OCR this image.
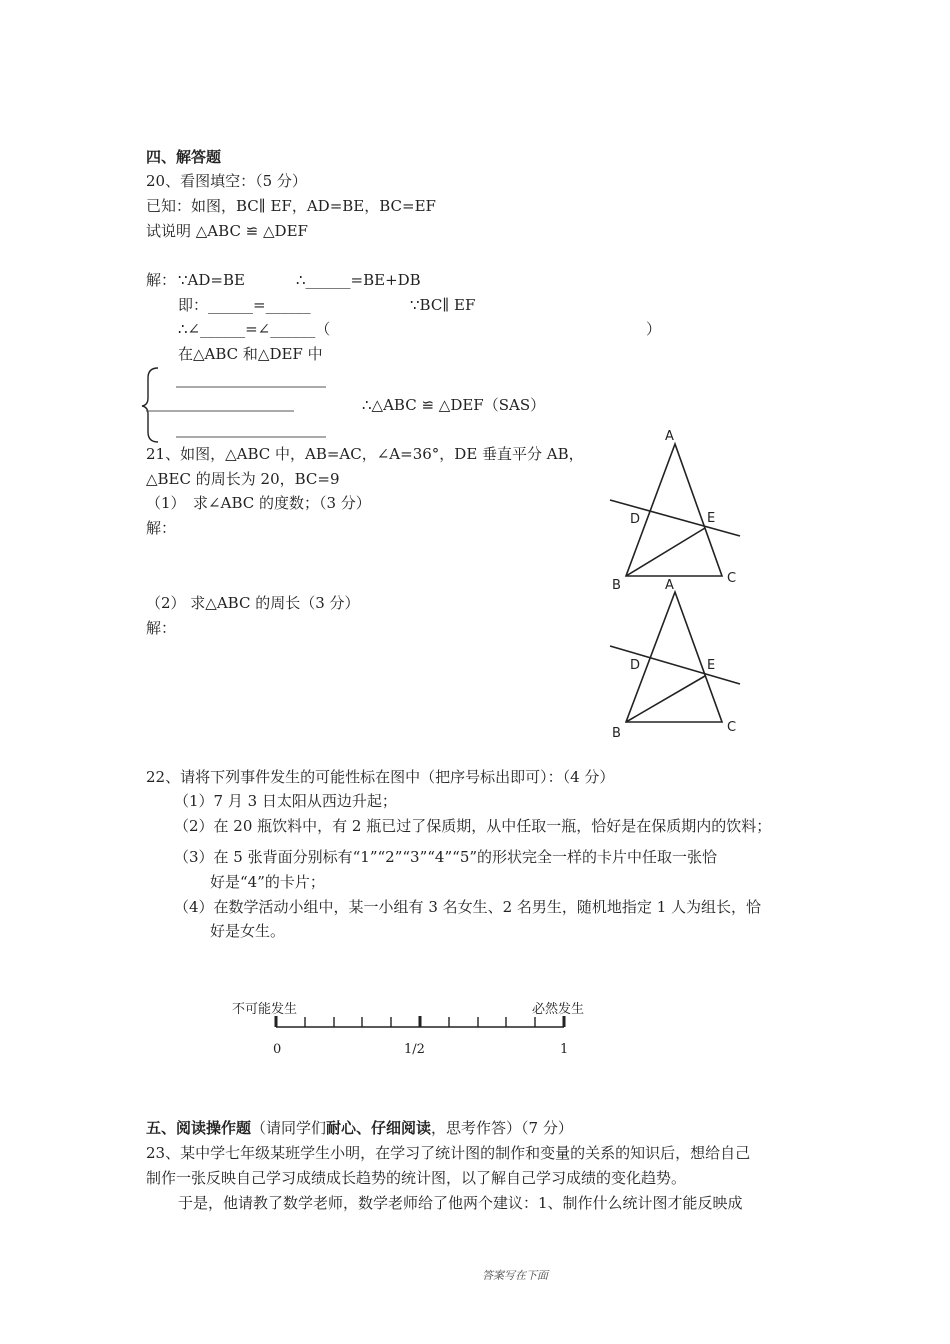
四、解答题
20、看图填空：（5 分）
已知：如图，BC∥ EF，AD=BE，BC=EF
试说明 △ABC ≌ △DEF
解： ∵AD=BE	∴______=BE+DB
即：______=______	∵BC∥ EF
∴∠______=∠______（	）
在△ABC 和△DEF 中
∴△ABC ≌ △DEF（SAS）
A
D	E
B	C
A
D	E
B	C
21、如图，△ABC 中，AB=AC，∠A=36°，DE 垂直平分 AB，
△BEC 的周长为 20，BC=9
（1）　求∠ABC 的度数；（3 分）
解：
（2） 求△ABC 的周长（3 分）
解：
22、请将下列事件发生的可能性标在图中（把序号标出即可）：（4 分）
（1）7 月 3 日太阳从西边升起；
（2）在 20 瓶饮料中，有 2 瓶已过了保质期，从中任取一瓶，恰好是在保质期内的饮料；
（3）在 5 张背面分别标有“1”“2”“3”“4”“5”的形状完全一样的卡片中任取一张恰
好是“4”的卡片；
（4）在数学活动小组中，某一小组有 3 名女生、2 名男生，随机地指定 1 人为组长，恰
好是女生。
不可能发生	必然发生
0	1/2	1
五、阅读操作题（请同学们耐心、仔细阅读，思考作答）（7 分）
23、某中学七年级某班学生小明，在学习了统计图的制作和变量的关系的知识后，想给自己
制作一张反映自己学习成绩成长趋势的统计图，以了解自己学习成绩的变化趋势。
于是，他请教了数学老师，数学老师给了他两个建议：1、制作什么统计图才能反映成
答案写在下面
